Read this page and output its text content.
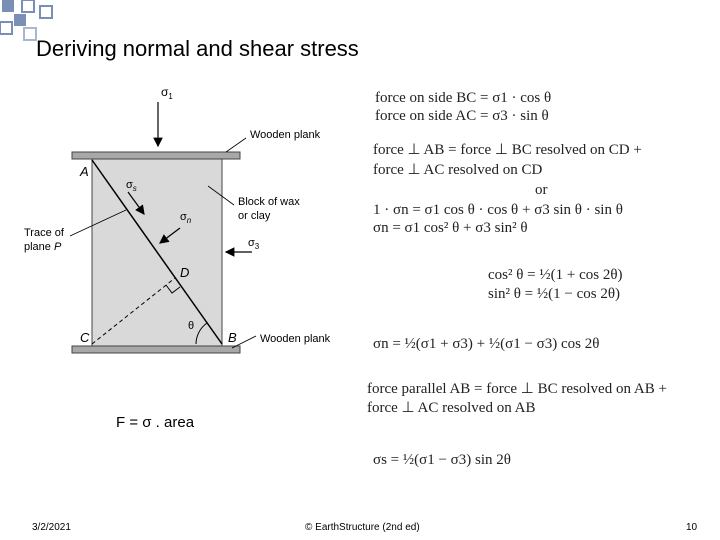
Deriving normal and shear stress
$\sigma_1$
Wooden plank
A
$\sigma_s$
$\sigma_n$
Block of wax
or clay
Trace of
plane P	$\sigma_3$
D
θ
C	B Wooden plank
force on side BC = σ1 · cos θ
force on side AC = σ3 · sin θ
force ⊥ AB = force ⊥ BC resolved on CD +
force ⊥ AC resolved on CD
or
1 · σn = σ1 cos θ · cos θ + σ3 sin θ · sin θ
σn = σ1 cos² θ + σ3 sin² θ
cos² θ = ½(1 + cos 2θ)
sin² θ = ½(1 − cos 2θ)
σn = ½(σ1 + σ3) + ½(σ1 − σ3) cos 2θ
force parallel AB = force ⊥ BC resolved on AB +
force ⊥ AC resolved on AB
σs = ½(σ1 − σ3) sin 2θ
F = σ . area
3/2/2021	© EarthStructure (2nd ed)	10
